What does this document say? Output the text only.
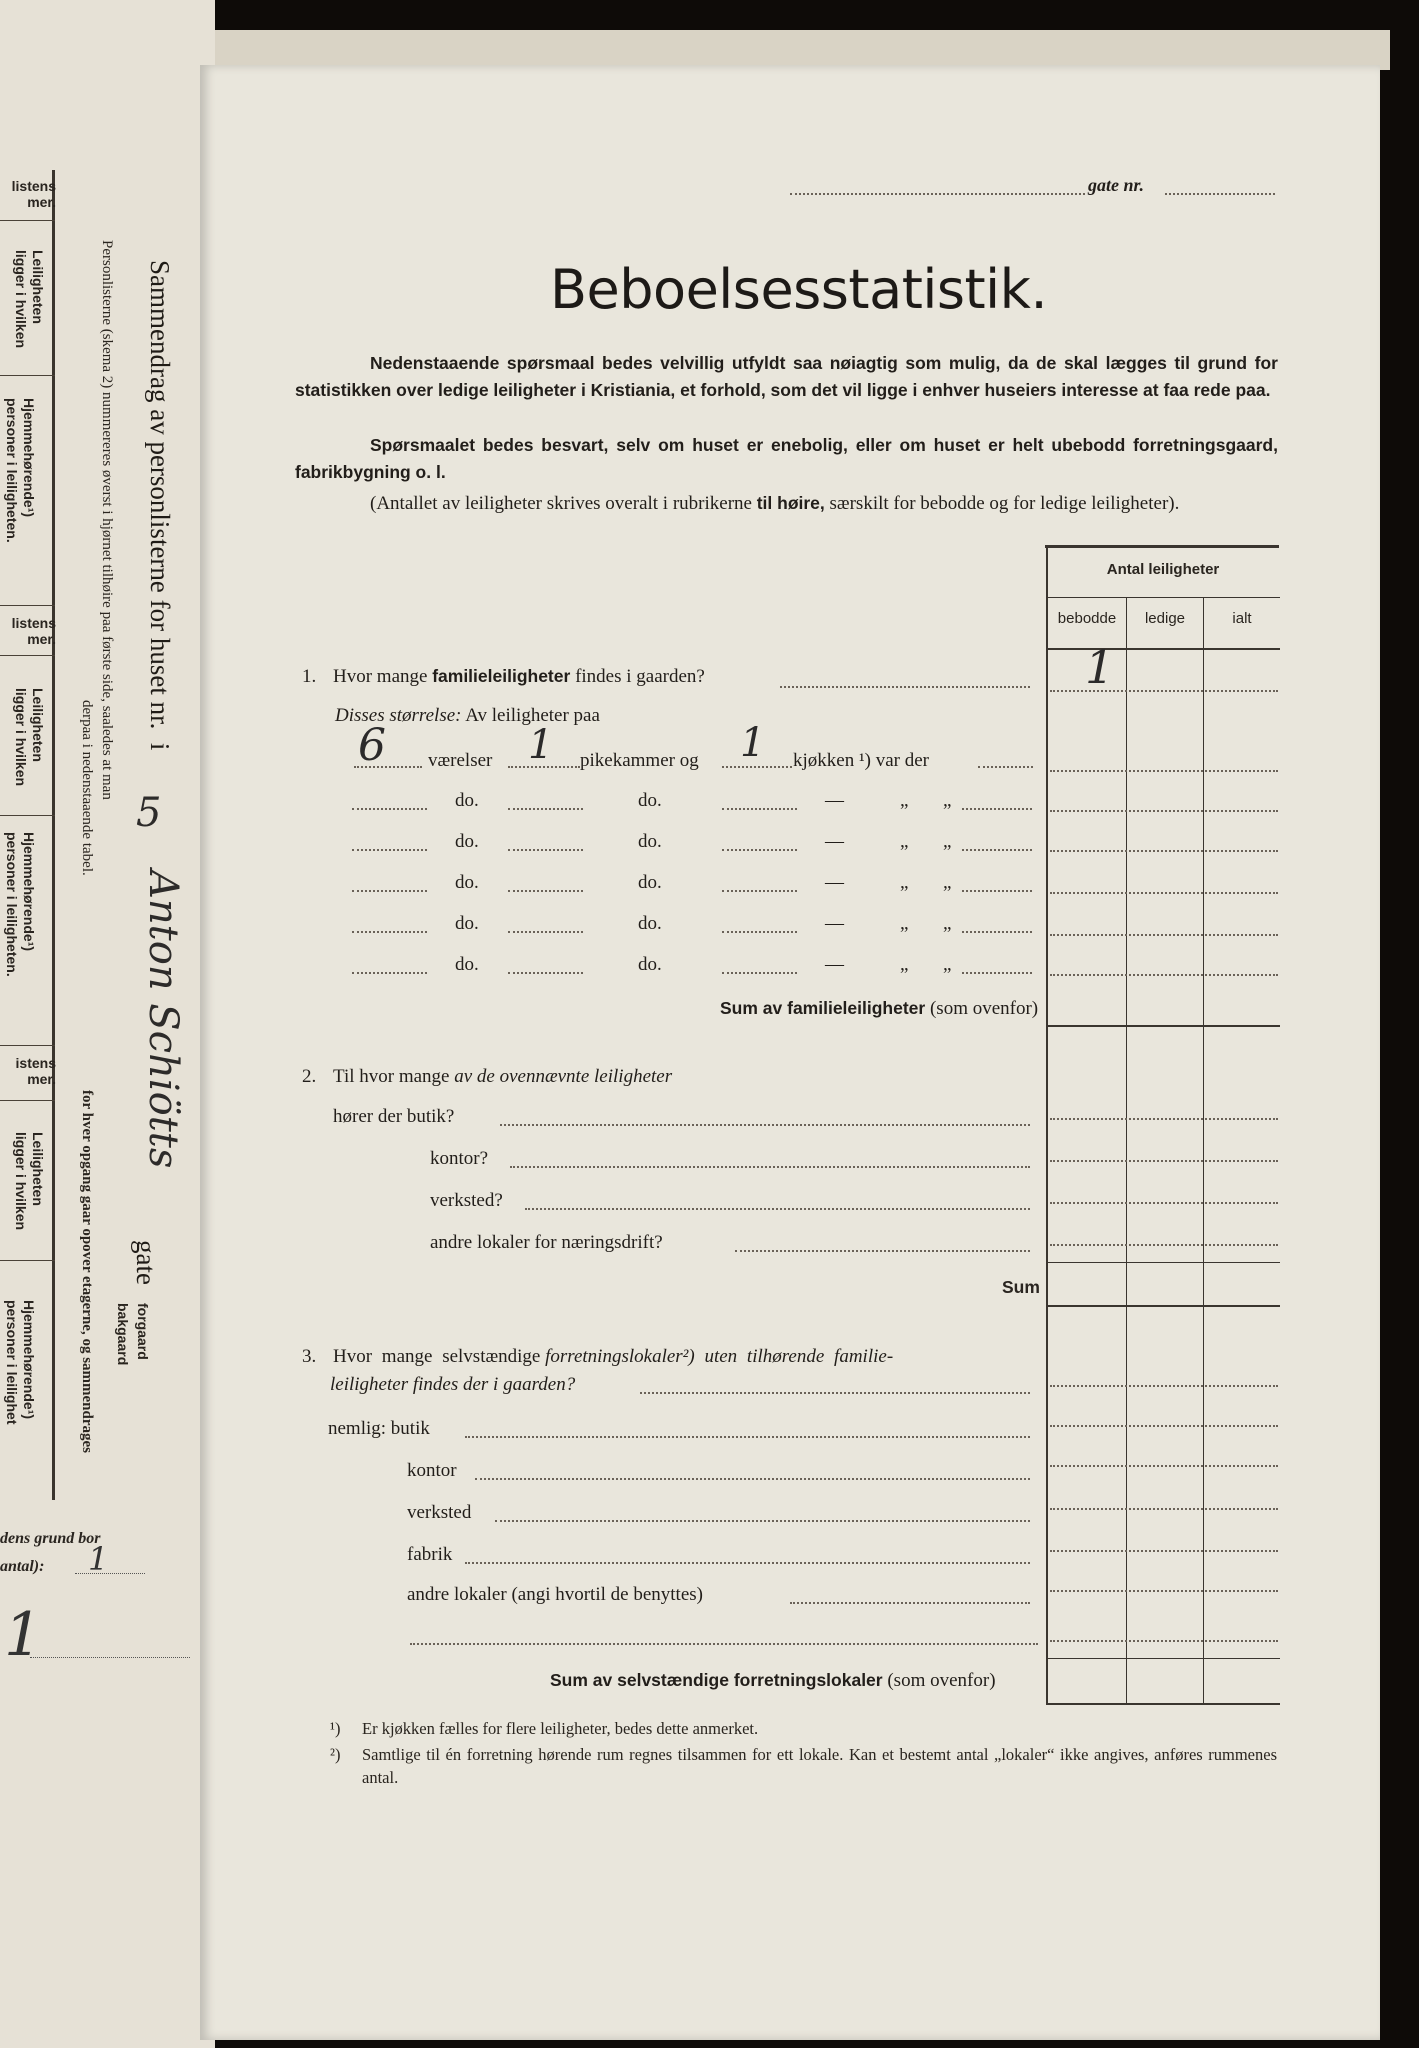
listens
mer.
Leiligheten
ligger i hvilken
Hjemmehørende¹)
personer i leiligheten.
listens
mer.
Leiligheten
ligger i hvilken
Hjemmehørende¹)
personer i leiligheten.
istens
mer.
Leiligheten
ligger i hvilken
Hjemmehørende¹)
personer i leilighet
Sammendrag av personlisterne for huset nr.  i
5
Anton Schiötts
gate
Personlisterne (skema 2) nummereres øverst i hjørnet tilhøire paa første side, saaledes at man
derpaa i nedenstaaende tabel.
for hver opgang gaar opover etagerne, og sammendrages	forgaard
bakgaard
dens grund bor
antal): 1
1
gate nr.
Beboelsesstatistik.
Nedenstaaende spørsmaal bedes velvillig utfyldt saa nøiagtig som mulig, da de skal lægges til grund for statistikken over ledige leiligheter i Kristiania, et forhold, som det vil ligge i enhver huseiers interesse at faa rede paa.
Spørsmaalet bedes besvart, selv om huset er enebolig, eller om huset er helt ubebodd forretningsgaard, fabrikbygning o. l.
(Antallet av leiligheter skrives overalt i rubrikerne til høire, særskilt for bebodde og for ledige leiligheter).
Antal leiligheter
bebodde	ledige	ialt
1. Hvor mange familieleiligheter findes i gaarden?	1
Disses størrelse: Av leiligheter paa
6 værelser 1 pikekammer og 1 kjøkken ¹) var der
do.	do.	—	„ „
do.	do.	—	„ „
do.	do.	—	„ „
do.	do.	—	„ „
do.	do.	—	„ „
Sum av familieleiligheter (som ovenfor)
2. Til hvor mange av de ovennævnte leiligheter
hører der butik?
kontor?
verksted?
andre lokaler for næringsdrift?
Sum
3. Hvor mange selvstændige forretningslokaler²) uten tilhørende familie-
leiligheter findes der i gaarden?
nemlig: butik
kontor
verksted
fabrik
andre lokaler (angi hvortil de benyttes)
Sum av selvstændige forretningslokaler (som ovenfor)
¹) Er kjøkken fælles for flere leiligheter, bedes dette anmerket.
²) Samtlige til én forretning hørende rum regnes tilsammen for ett lokale. Kan et bestemt antal „lokaler“ ikke angives, anføres rummenes antal.
